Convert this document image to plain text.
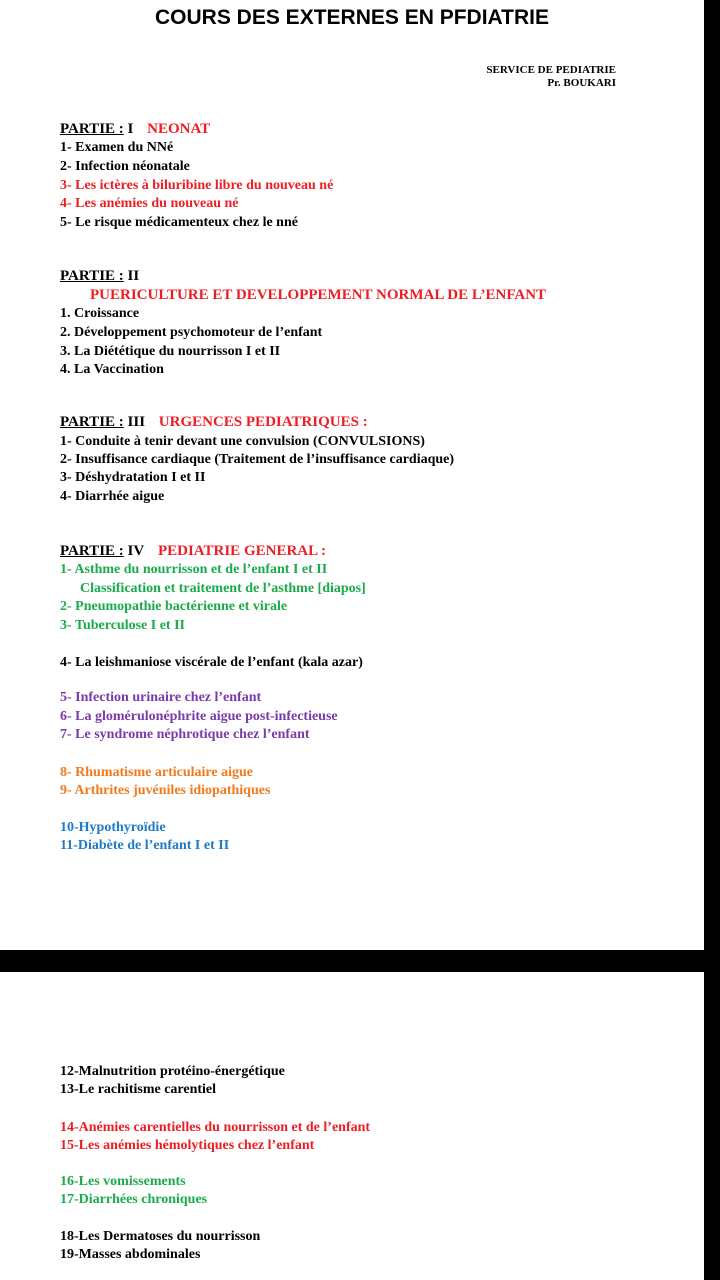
COURS DES EXTERNES EN PFDIATRIE
SERVICE DE PEDIATRIE
Pr. BOUKARI
PARTIE : I NEONAT
1- Examen du NNé
2- Infection néonatale
3- Les ictères à biluribine libre du nouveau né
4- Les anémies du nouveau né
5- Le risque médicamenteux chez le nné
PARTIE : II
PUERICULTURE ET DEVELOPPEMENT NORMAL DE L’ENFANT
1. Croissance
2. Développement psychomoteur de l’enfant
3. La Diététique du nourrisson I et II
4. La Vaccination
PARTIE : III URGENCES PEDIATRIQUES :
1- Conduite à tenir devant une convulsion (CONVULSIONS)
2- Insuffisance cardiaque (Traitement de l’insuffisance cardiaque)
3- Déshydratation I et II
4- Diarrhée aigue
PARTIE : IV PEDIATRIE GENERAL :
1- Asthme du nourrisson et de l’enfant I et II
Classification et traitement de l’asthme [diapos]
2- Pneumopathie bactérienne et virale
3- Tuberculose I et II
4- La leishmaniose viscérale de l’enfant (kala azar)
5- Infection urinaire chez l’enfant
6- La glomérulonéphrite aigue post-infectieuse
7- Le syndrome néphrotique chez l’enfant
8- Rhumatisme articulaire aigue
9- Arthrites juvéniles idiopathiques
10-Hypothyroïdie
11-Diabète de l’enfant I et II
12-Malnutrition protéino-énergétique
13-Le rachitisme carentiel
14-Anémies carentielles du nourrisson et de l’enfant
15-Les anémies hémolytiques chez l’enfant
16-Les vomissements
17-Diarrhées chroniques
18-Les Dermatoses du nourrisson
19-Masses abdominales
